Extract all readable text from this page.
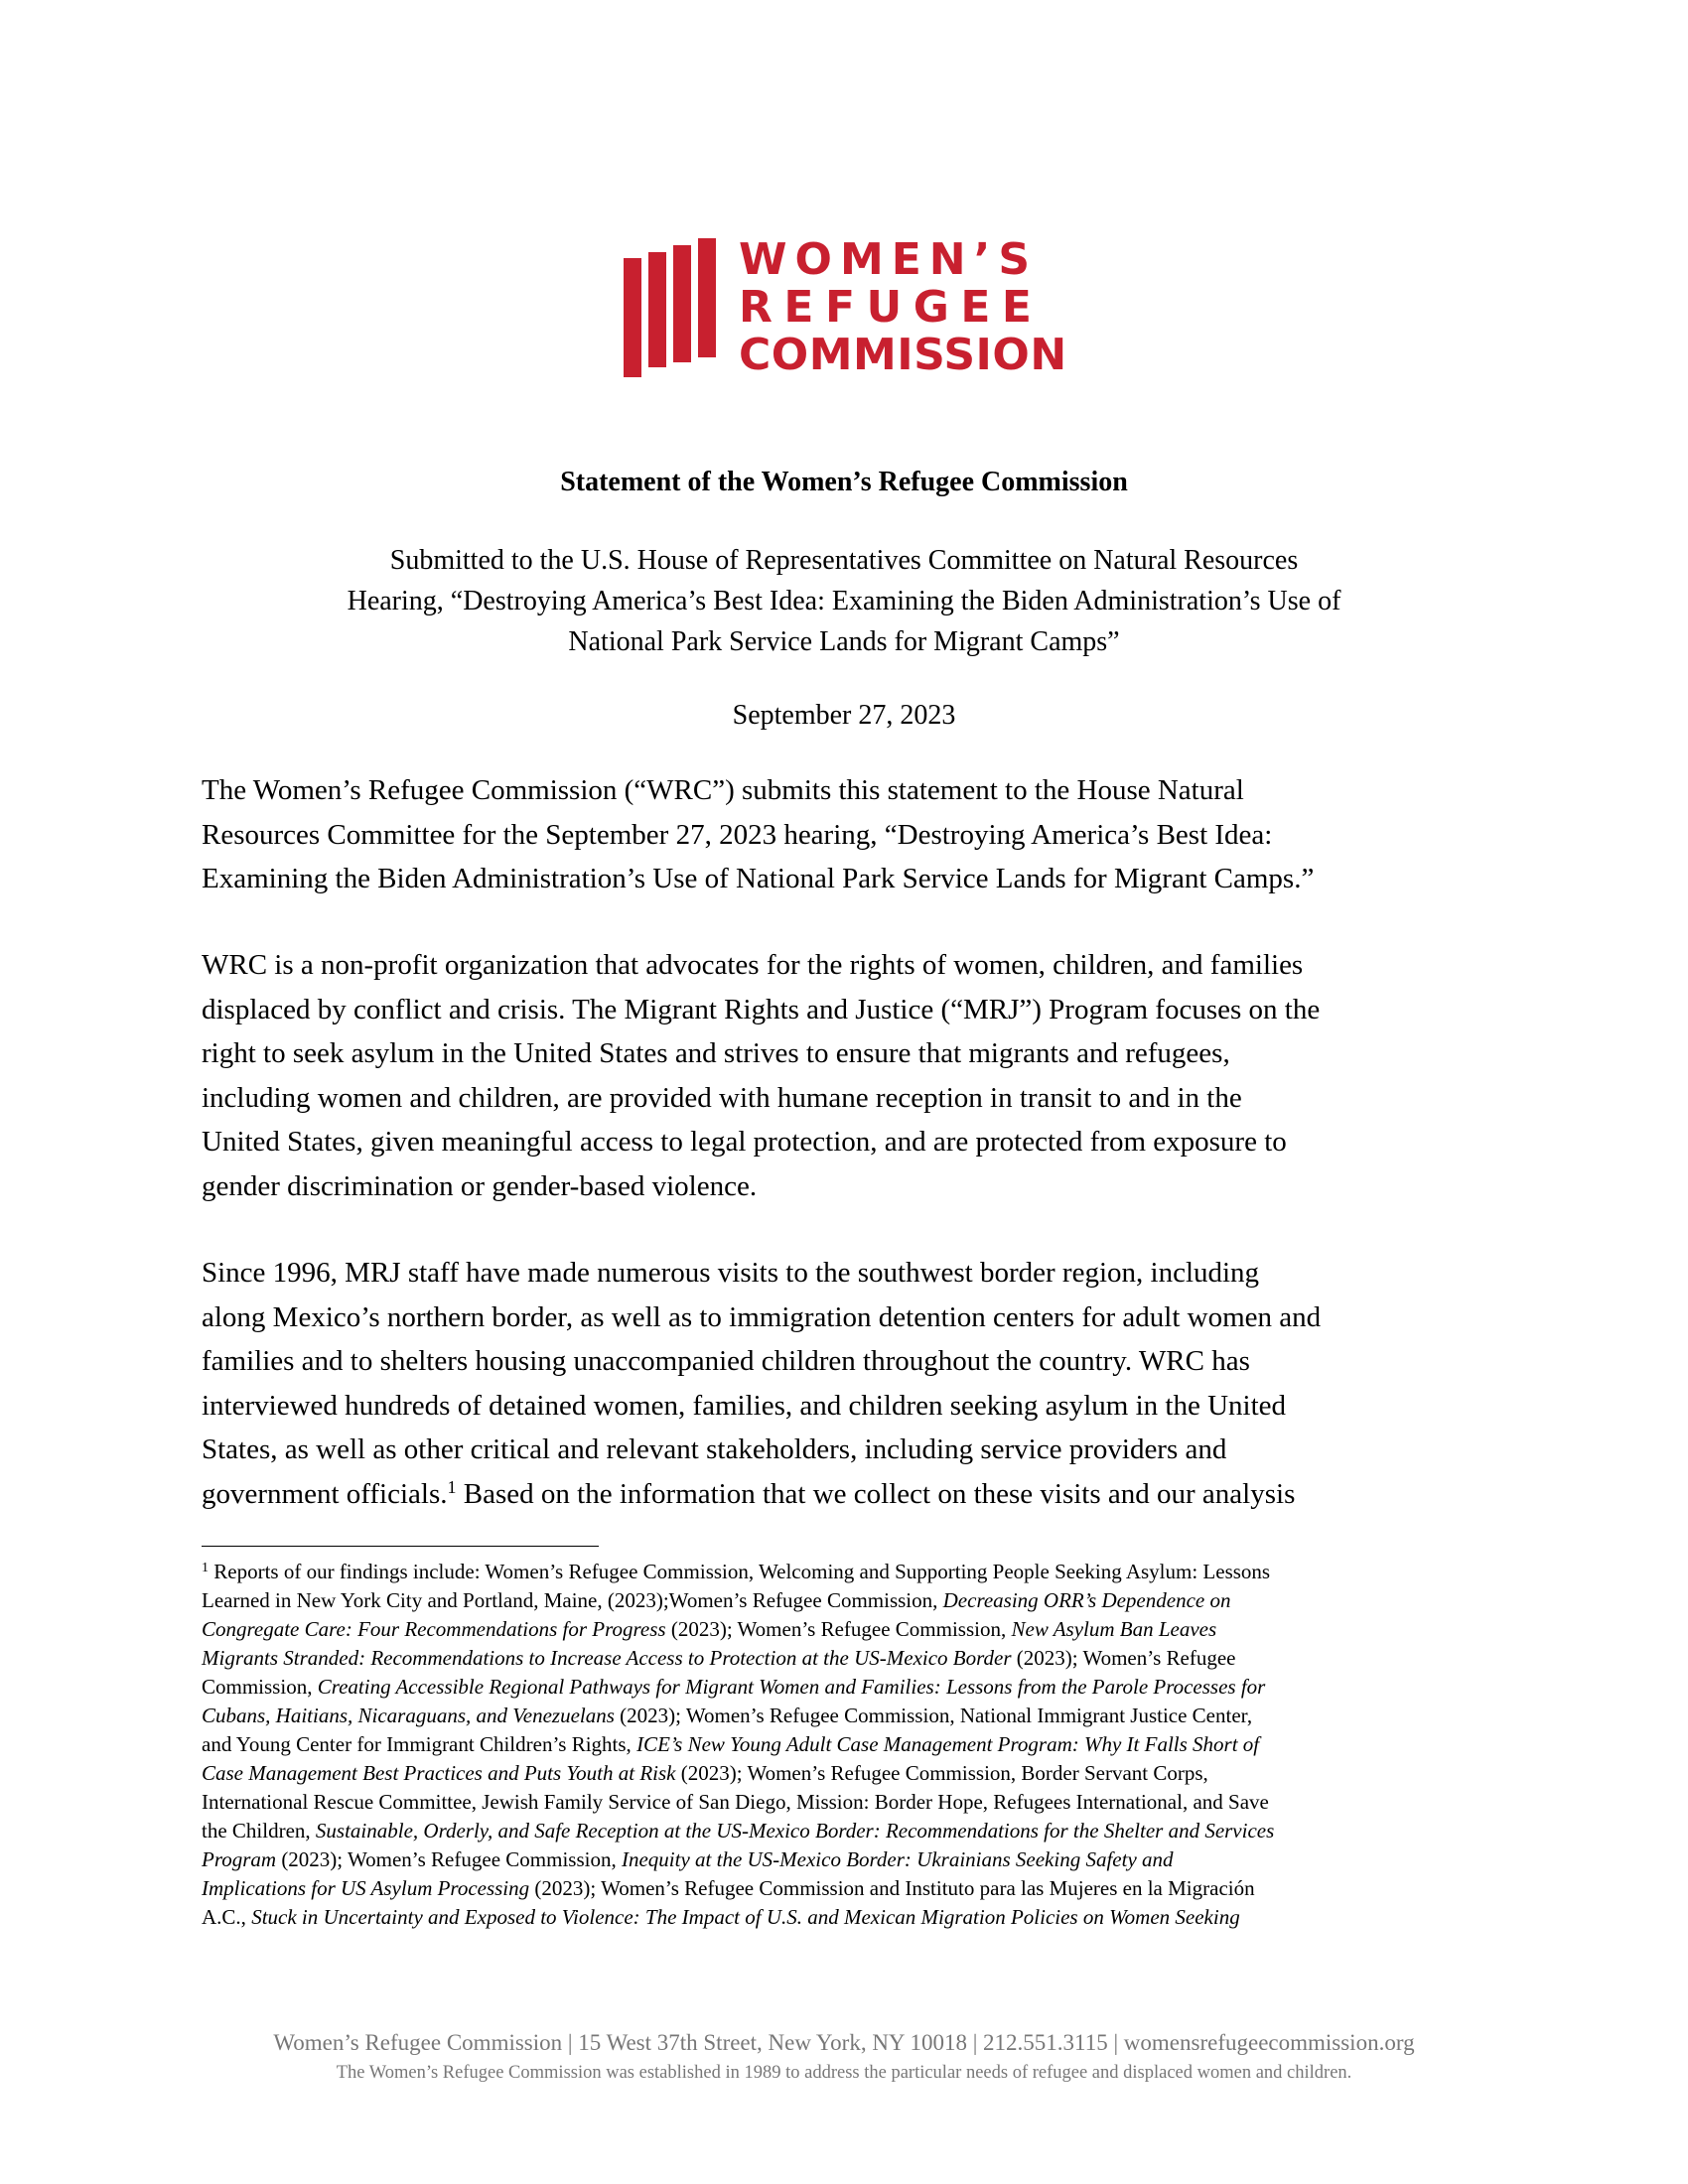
WOMEN’S
REFUGEE
COMMISSION
Statement of the Women’s Refugee Commission
Submitted to the U.S. House of Representatives Committee on Natural Resources
Hearing, “Destroying America’s Best Idea: Examining the Biden Administration’s Use of
National Park Service Lands for Migrant Camps”
September 27, 2023
The Women’s Refugee Commission (“WRC”) submits this statement to the House Natural
Resources Committee for the September 27, 2023 hearing, “Destroying America’s Best Idea:
Examining the Biden Administration’s Use of National Park Service Lands for Migrant Camps.”
WRC is a non-profit organization that advocates for the rights of women, children, and families
displaced by conflict and crisis. The Migrant Rights and Justice (“MRJ”) Program focuses on the
right to seek asylum in the United States and strives to ensure that migrants and refugees,
including women and children, are provided with humane reception in transit to and in the
United States, given meaningful access to legal protection, and are protected from exposure to
gender discrimination or gender-based violence.
Since 1996, MRJ staff have made numerous visits to the southwest border region, including
along Mexico’s northern border, as well as to immigration detention centers for adult women and
families and to shelters housing unaccompanied children throughout the country. WRC has
interviewed hundreds of detained women, families, and children seeking asylum in the United
States, as well as other critical and relevant stakeholders, including service providers and
government officials.$^1$ Based on the information that we collect on these visits and our analysis
$^1$ Reports of our findings include: Women’s Refugee Commission, Welcoming and Supporting People Seeking Asylum: Lessons
Learned in New York City and Portland, Maine, (2023);Women’s Refugee Commission, Decreasing ORR’s Dependence on
Congregate Care: Four Recommendations for Progress (2023); Women’s Refugee Commission, New Asylum Ban Leaves
Migrants Stranded: Recommendations to Increase Access to Protection at the US-Mexico Border (2023); Women’s Refugee
Commission, Creating Accessible Regional Pathways for Migrant Women and Families: Lessons from the Parole Processes for
Cubans, Haitians, Nicaraguans, and Venezuelans (2023); Women’s Refugee Commission, National Immigrant Justice Center,
and Young Center for Immigrant Children’s Rights, ICE’s New Young Adult Case Management Program: Why It Falls Short of
Case Management Best Practices and Puts Youth at Risk (2023); Women’s Refugee Commission, Border Servant Corps,
International Rescue Committee, Jewish Family Service of San Diego, Mission: Border Hope, Refugees International, and Save
the Children, Sustainable, Orderly, and Safe Reception at the US-Mexico Border: Recommendations for the Shelter and Services
Program (2023); Women’s Refugee Commission, Inequity at the US-Mexico Border: Ukrainians Seeking Safety and
Implications for US Asylum Processing (2023); Women’s Refugee Commission and Instituto para las Mujeres en la Migración
A.C., Stuck in Uncertainty and Exposed to Violence: The Impact of U.S. and Mexican Migration Policies on Women Seeking
Women’s Refugee Commission | 15 West 37th Street, New York, NY 10018 | 212.551.3115 | womensrefugeecommission.org
The Women’s Refugee Commission was established in 1989 to address the particular needs of refugee and displaced women and children.
